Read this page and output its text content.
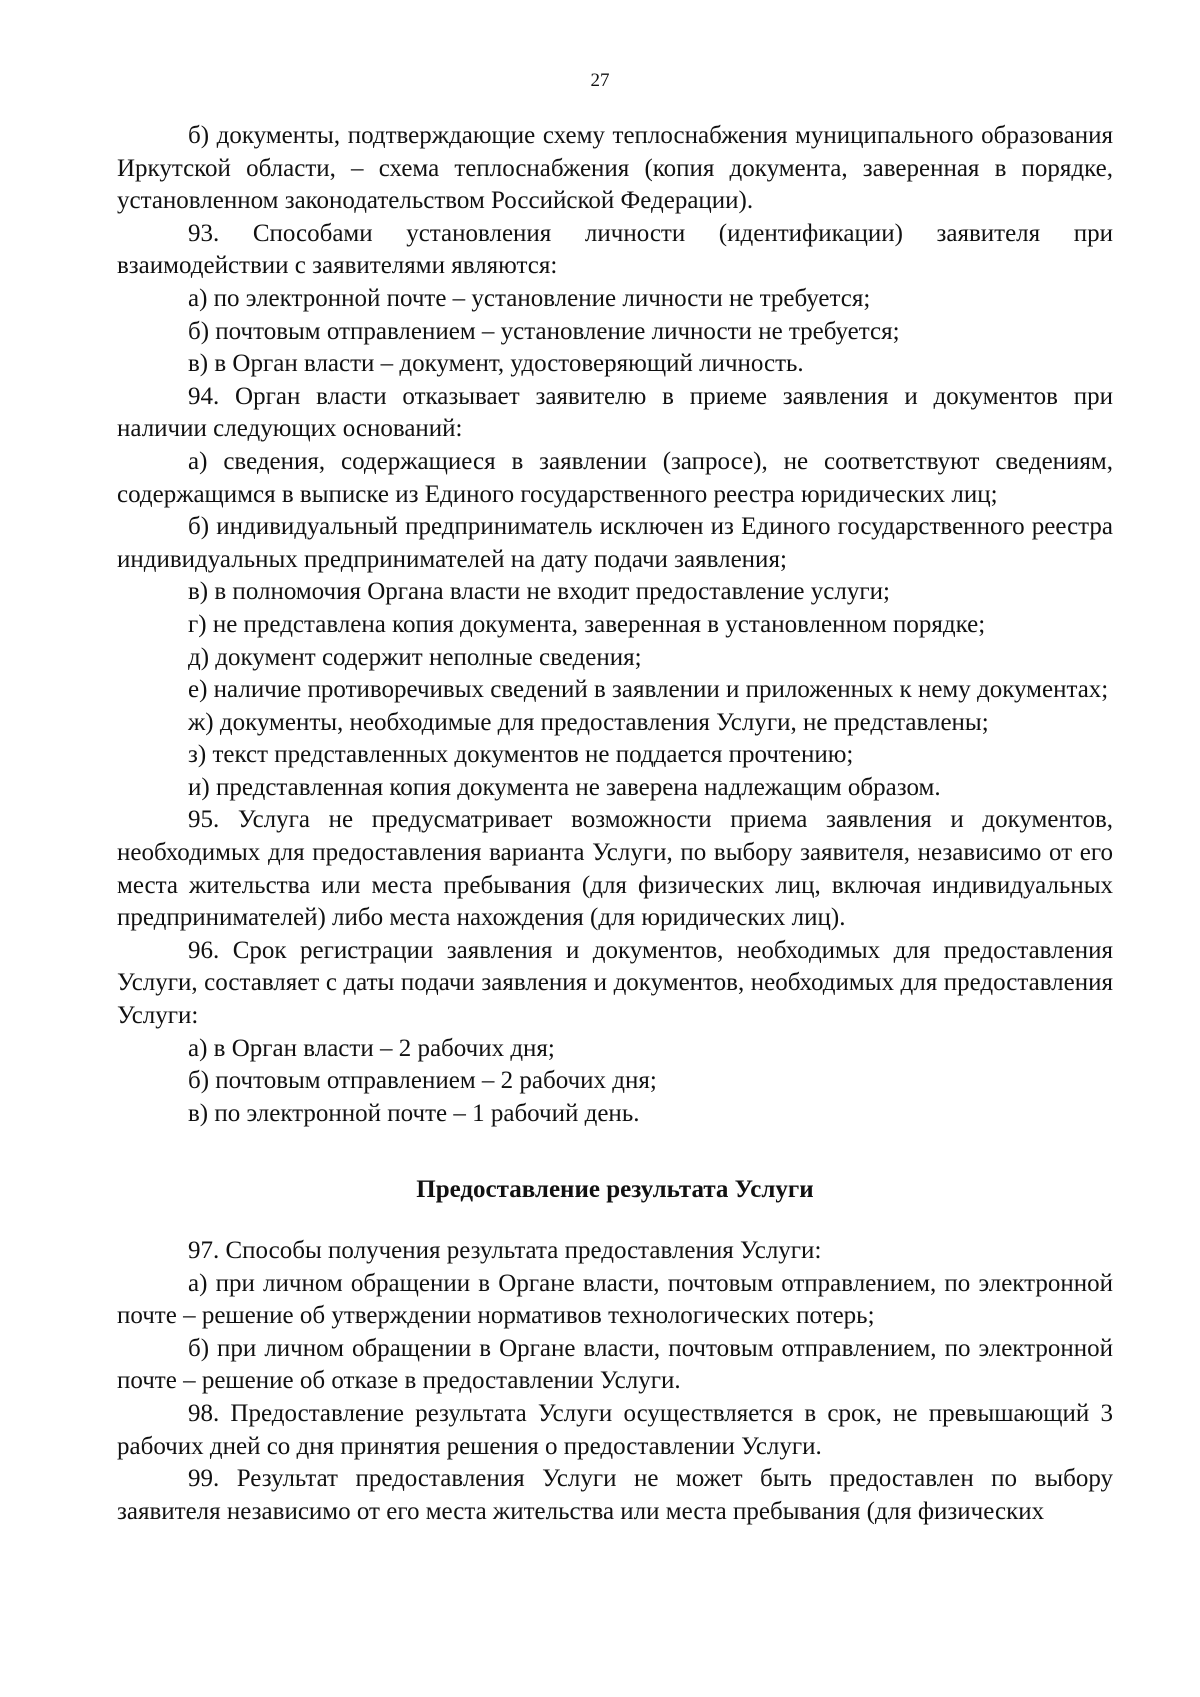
27

б) документы, подтверждающие схему теплоснабжения муниципального образования Иркутской области, – схема теплоснабжения (копия документа, заверенная в порядке, установленном законодательством Российской Федерации).

93. Способами установления личности (идентификации) заявителя при взаимодействии с заявителями являются:

а) по электронной почте – установление личности не требуется;

б) почтовым отправлением – установление личности не требуется;

в) в Орган власти – документ, удостоверяющий личность.

94. Орган власти отказывает заявителю в приеме заявления и документов при наличии следующих оснований:

а) сведения, содержащиеся в заявлении (запросе), не соответствуют сведениям, содержащимся в выписке из Единого государственного реестра юридических лиц;

б) индивидуальный предприниматель исключен из Единого государственного реестра индивидуальных предпринимателей на дату подачи заявления;

в) в полномочия Органа власти не входит предоставление услуги;

г) не представлена копия документа, заверенная в установленном порядке;

д) документ содержит неполные сведения;

е) наличие противоречивых сведений в заявлении и приложенных к нему документах;

ж) документы, необходимые для предоставления Услуги, не представлены;

з) текст представленных документов не поддается прочтению;

и) представленная копия документа не заверена надлежащим образом.

95. Услуга не предусматривает возможности приема заявления и документов, необходимых для предоставления варианта Услуги, по выбору заявителя, независимо от его места жительства или места пребывания (для физических лиц, включая индивидуальных предпринимателей) либо места нахождения (для юридических лиц).

96. Срок регистрации заявления и документов, необходимых для предоставления Услуги, составляет с даты подачи заявления и документов, необходимых для предоставления Услуги:

а) в Орган власти – 2 рабочих дня;

б) почтовым отправлением – 2 рабочих дня;

в) по электронной почте – 1 рабочий день.

Предоставление результата Услуги

97. Способы получения результата предоставления Услуги:

а) при личном обращении в Органе власти, почтовым отправлением, по электронной почте – решение об утверждении нормативов технологических потерь;

б) при личном обращении в Органе власти, почтовым отправлением, по электронной почте – решение об отказе в предоставлении Услуги.

98. Предоставление результата Услуги осуществляется в срок, не превышающий 3 рабочих дней со дня принятия решения о предоставлении Услуги.

99. Результат предоставления Услуги не может быть предоставлен по выбору заявителя независимо от его места жительства или места пребывания (для физических
